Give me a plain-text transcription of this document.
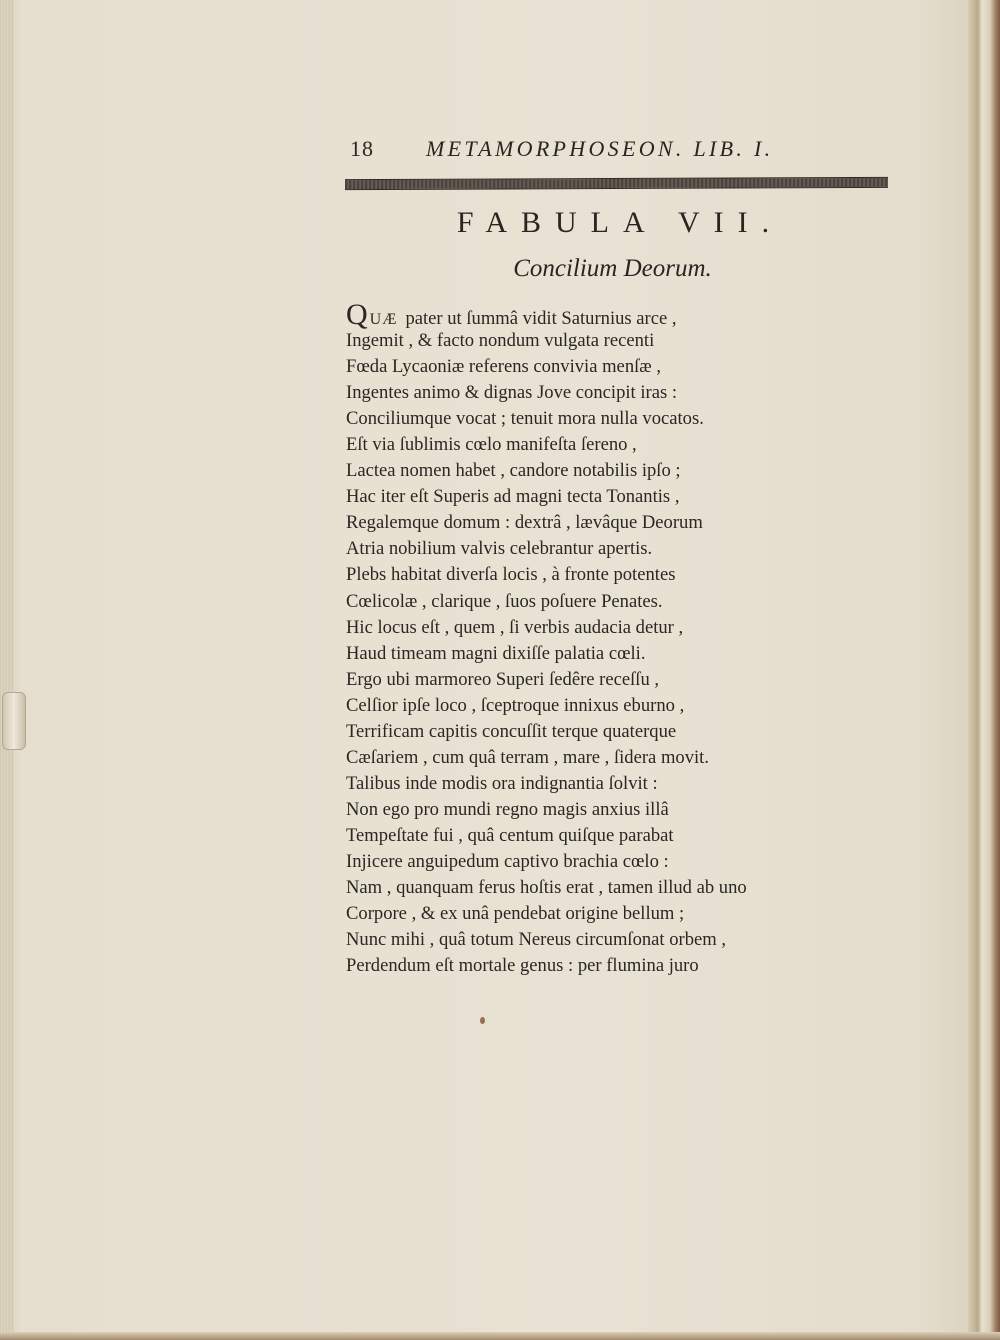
18 METAMORPHOSEON. LIB. I.
FABULA VII.
Concilium Deorum.
Q UÆ pater ut ſummâ vidit Saturnius arce ,
Ingemit , & facto nondum vulgata recenti
Fœda Lycaoniæ referens convivia menſæ ,
Ingentes animo & dignas Jove concipit iras :
Conciliumque vocat ; tenuit mora nulla vocatos.
Eſt via ſublimis cœlo manifeſta ſereno ,
Lactea nomen habet , candore notabilis ipſo ;
Hac iter eſt Superis ad magni tecta Tonantis ,
Regalemque domum : dextrâ , lævâque Deorum
Atria nobilium valvis celebrantur apertis.
Plebs habitat diverſa locis , à fronte potentes
Cœlicolæ , clarique , ſuos poſuere Penates.
Hic locus eſt , quem , ſi verbis audacia detur ,
Haud timeam magni dixiſſe palatia cœli.
Ergo ubi marmoreo Superi ſedêre receſſu ,
Celſior ipſe loco , ſceptroque innixus eburno ,
Terrificam capitis concuſſit terque quaterque
Cæſariem , cum quâ terram , mare , ſidera movit.
Talibus inde modis ora indignantia ſolvit :
Non ego pro mundi regno magis anxius illâ
Tempeſtate fui , quâ centum quiſque parabat
Injicere anguipedum captivo brachia cœlo :
Nam , quanquam ferus hoſtis erat , tamen illud ab uno
Corpore , & ex unâ pendebat origine bellum ;
Nunc mihi , quâ totum Nereus circumſonat orbem ,
Perdendum eſt mortale genus : per flumina juro
